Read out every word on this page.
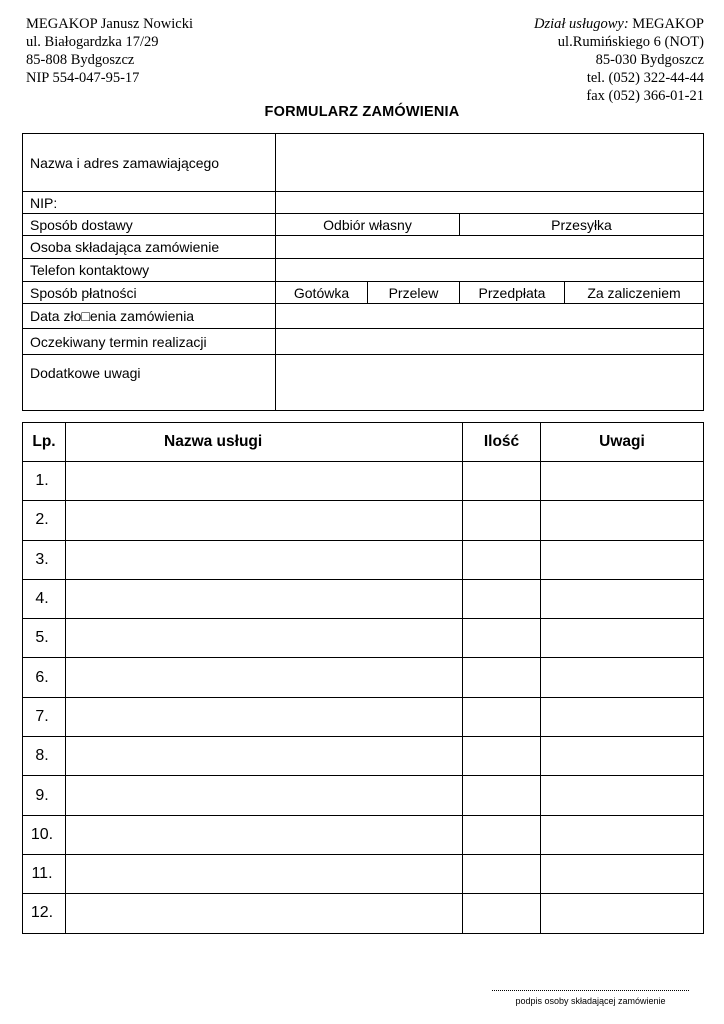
MEGAKOP Janusz Nowicki
ul. Białogardzka 17/29
85-808 Bydgoszcz
NIP 554-047-95-17
Dział usługowy: MEGAKOP
ul.Rumińskiego 6 (NOT)
85-030 Bydgoszcz
tel. (052) 322-44-44
fax (052) 366-01-21
FORMULARZ ZAMÓWIENIA
Nazwa i adres zamawiającego				
NIP:				
Sposób dostawy	Odbiór własny		Przesyłka	
Osoba składająca zamówienie				
Telefon kontaktowy				
Sposób płatności	Gotówka	Przelew	Przedpłata	Za zaliczeniem
Data zło□enia zamówienia				
Oczekiwany termin realizacji				
Dodatkowe uwagi				
Lp.	Nazwa usługi	Ilość	Uwagi
1.			
2.			
3.			
4.			
5.			
6.			
7.			
8.			
9.			
10.			
11.			
12.			
podpis osoby składającej zamówienie
